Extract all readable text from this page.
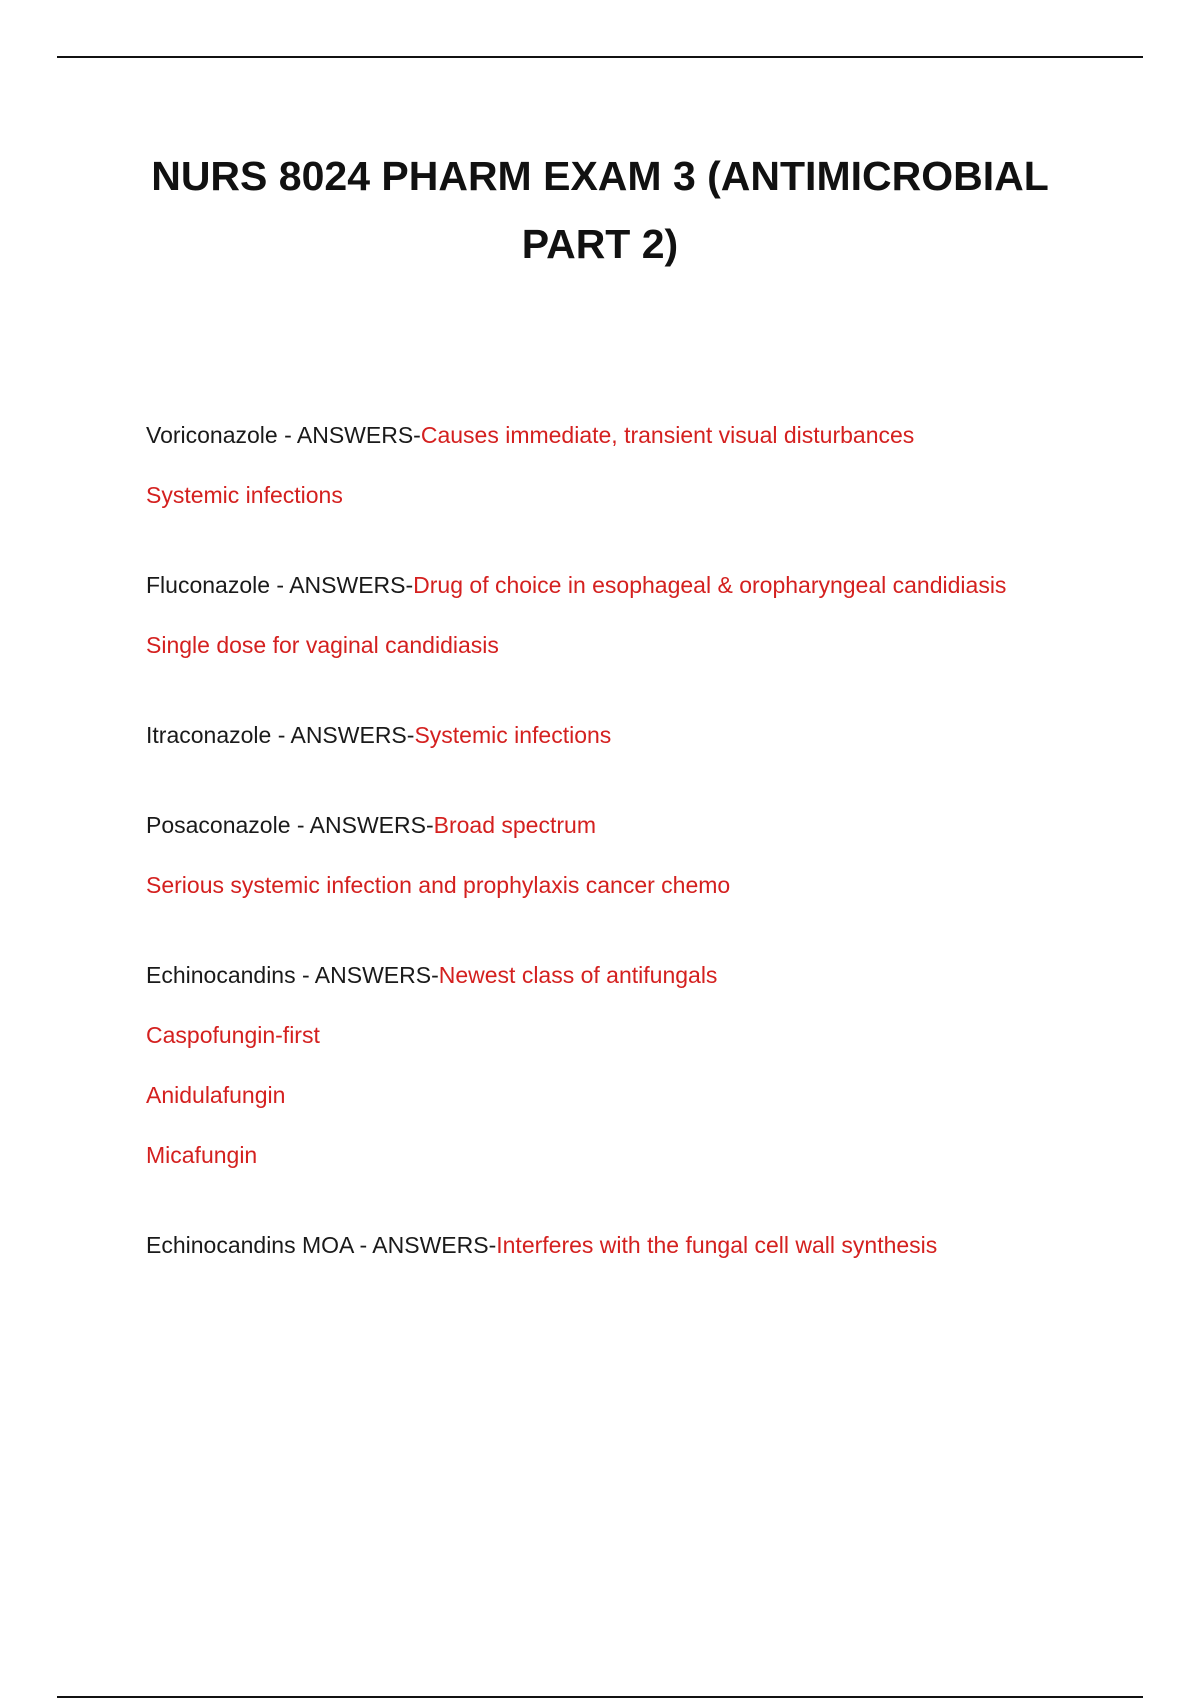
NURS 8024 PHARM EXAM 3 (ANTIMICROBIAL PART 2)
Voriconazole - ANSWERS-Causes immediate, transient visual disturbances
Systemic infections
Fluconazole - ANSWERS-Drug of choice in esophageal & oropharyngeal candidiasis
Single dose for vaginal candidiasis
Itraconazole - ANSWERS-Systemic infections
Posaconazole - ANSWERS-Broad spectrum
Serious systemic infection and prophylaxis cancer chemo
Echinocandins - ANSWERS-Newest class of antifungals
Caspofungin-first
Anidulafungin
Micafungin
Echinocandins MOA - ANSWERS-Interferes with the fungal cell wall synthesis
